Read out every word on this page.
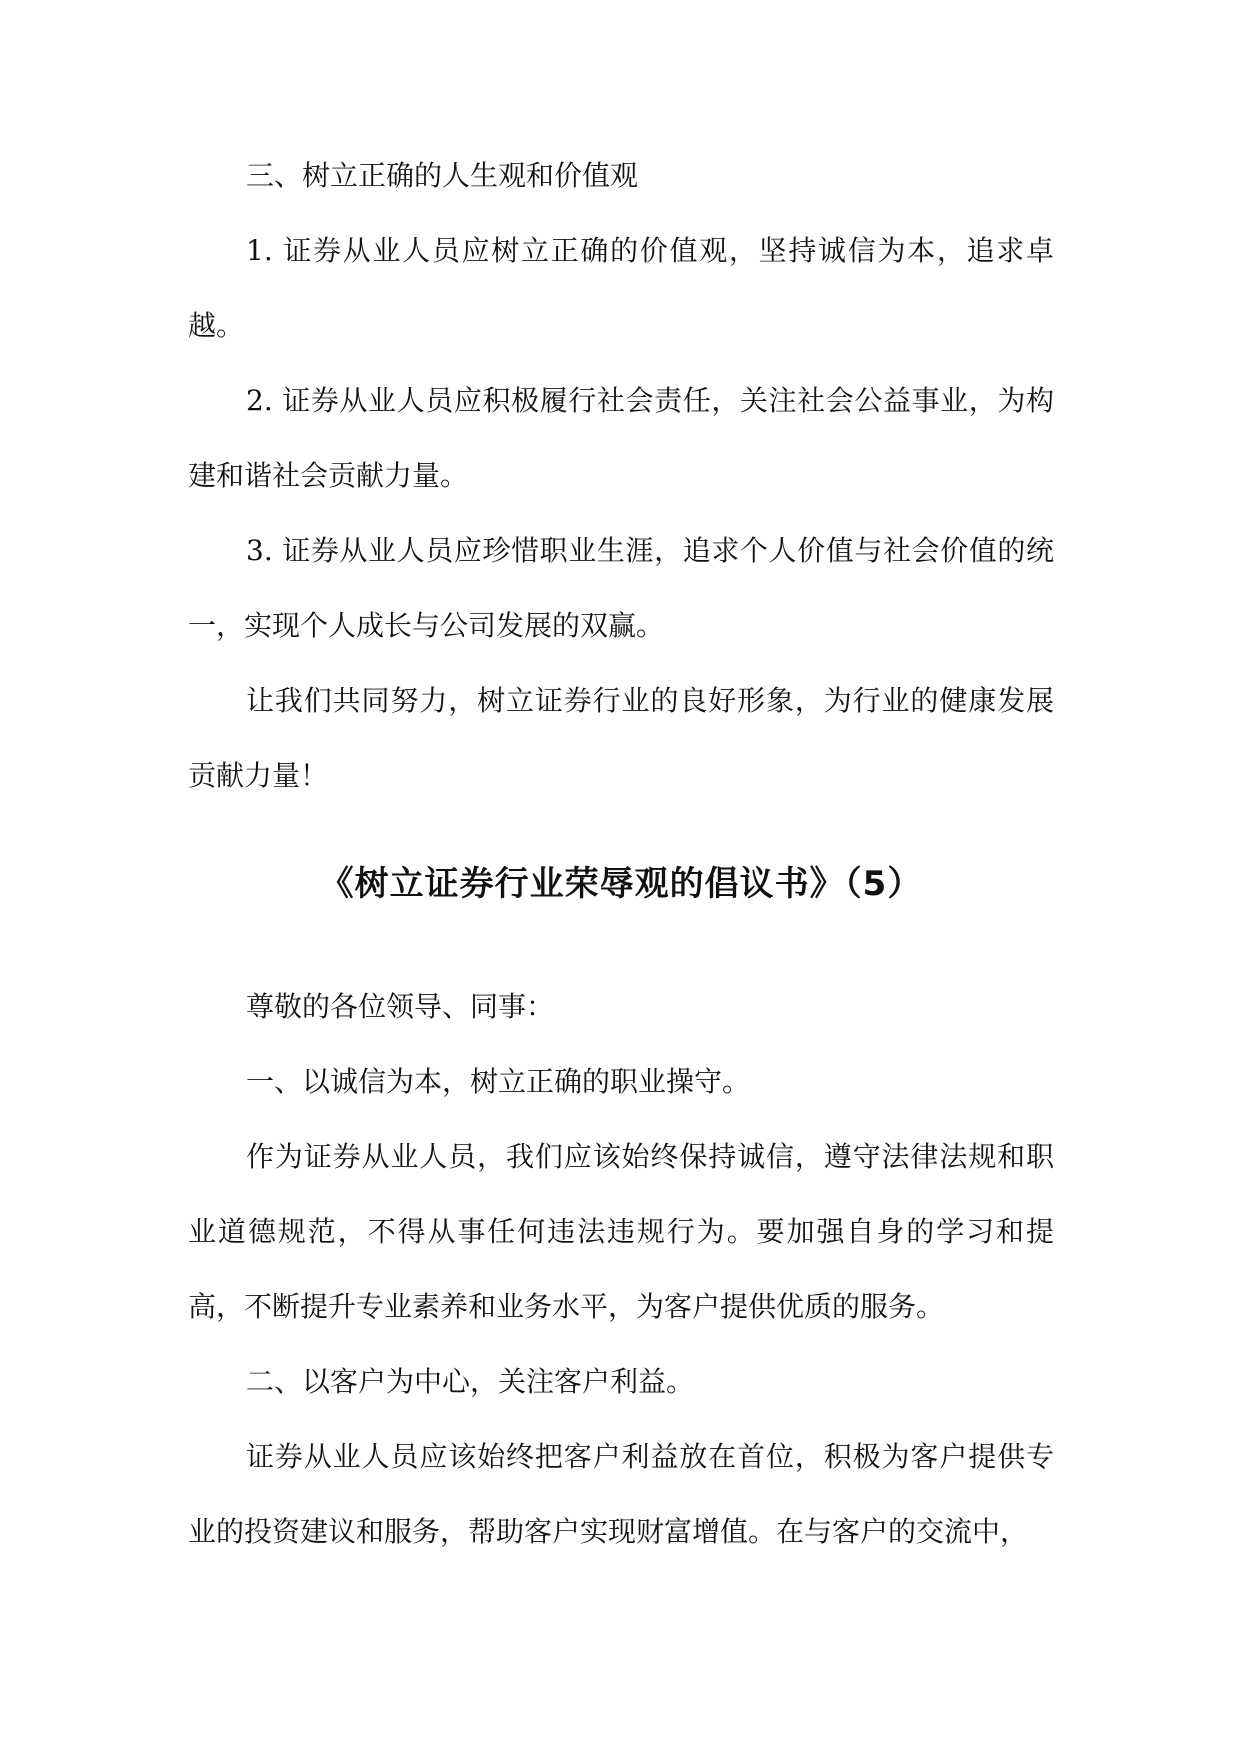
三、树立正确的人生观和价值观

1. 证券从业人员应树立正确的价值观，坚持诚信为本，追求卓越。

2. 证券从业人员应积极履行社会责任，关注社会公益事业，为构建和谐社会贡献力量。

3. 证券从业人员应珍惜职业生涯，追求个人价值与社会价值的统一，实现个人成长与公司发展的双赢。

让我们共同努力，树立证券行业的良好形象，为行业的健康发展贡献力量！

《树立证券行业荣辱观的倡议书》（5）

尊敬的各位领导、同事：

一、以诚信为本，树立正确的职业操守。

作为证券从业人员，我们应该始终保持诚信，遵守法律法规和职业道德规范，不得从事任何违法违规行为。要加强自身的学习和提高，不断提升专业素养和业务水平，为客户提供优质的服务。

二、以客户为中心，关注客户利益。

证券从业人员应该始终把客户利益放在首位，积极为客户提供专业的投资建议和服务，帮助客户实现财富增值。在与客户的交流中，
